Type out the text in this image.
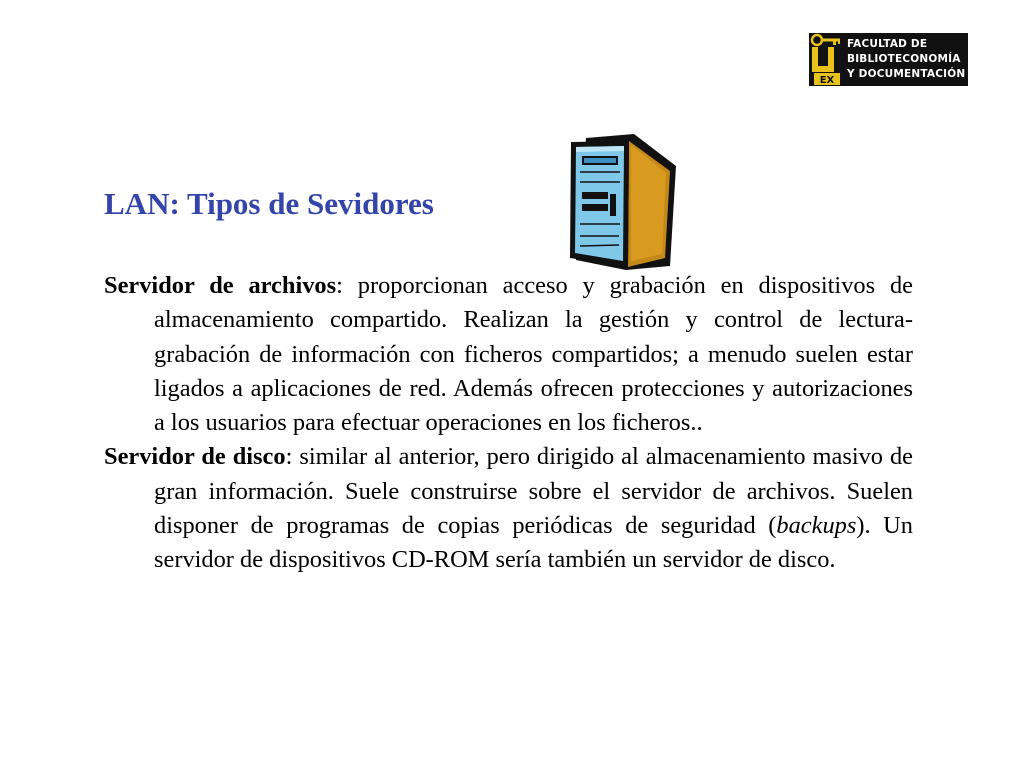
EX
FACULTAD DE
BIBLIOTECONOMÍA
Y DOCUMENTACIÓN
LAN: Tipos de Sevidores

Servidor de archivos: proporcionan acceso y grabación en dispositivos de almacenamiento compartido. Realizan la gestión y control de lectura-grabación de información con ficheros compartidos; a menudo suelen estar ligados a aplicaciones de red. Además ofrecen protecciones y autorizaciones a los usuarios para efectuar operaciones en los ficheros..

Servidor de disco: similar al anterior, pero dirigido al almacenamiento masivo de gran información. Suele construirse sobre el servidor de archivos. Suelen disponer de programas de copias periódicas de seguridad (backups). Un servidor de dispositivos CD-ROM sería también un servidor de disco.
